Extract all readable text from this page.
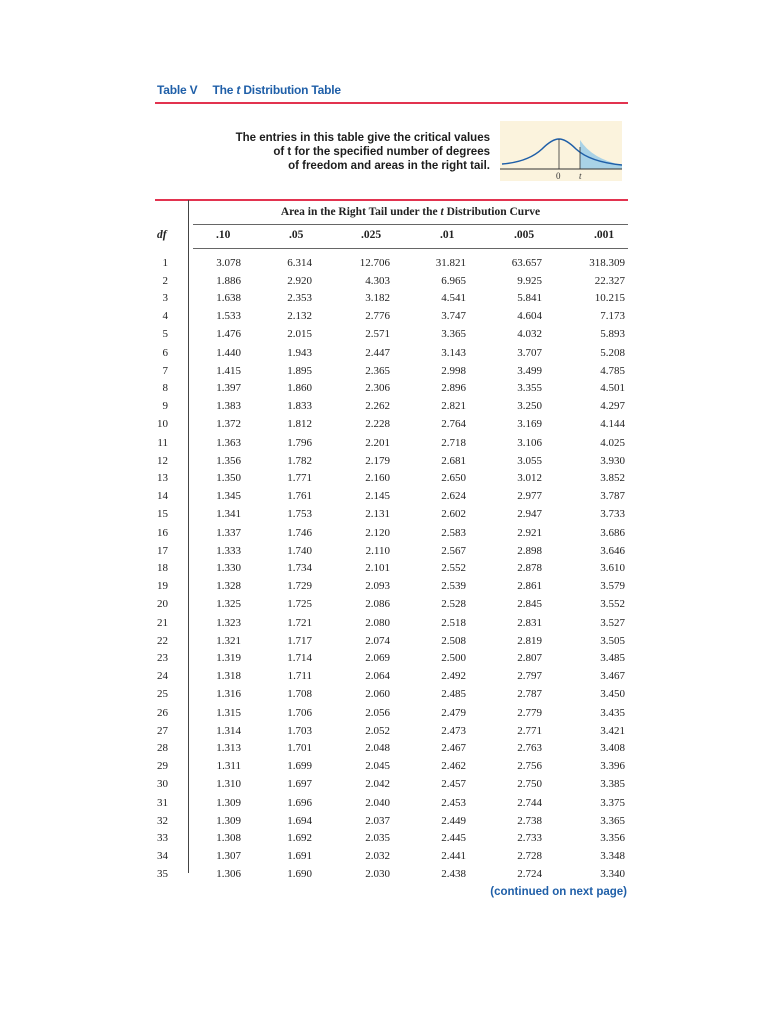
Table V The t Distribution Table

The entries in this table give the critical values

of t for the specified number of degrees

of freedom and areas in the right tail.

0 t
Area in the Right Tail under the t Distribution Curve
df	.10	.05	.025	.01	.005	.001
1	3.078	6.314	12.706	31.821	63.657	318.309
2	1.886	2.920	4.303	6.965	9.925	22.327
3	1.638	2.353	3.182	4.541	5.841	10.215
4	1.533	2.132	2.776	3.747	4.604	7.173
5	1.476	2.015	2.571	3.365	4.032	5.893
6	1.440	1.943	2.447	3.143	3.707	5.208
7	1.415	1.895	2.365	2.998	3.499	4.785
8	1.397	1.860	2.306	2.896	3.355	4.501
9	1.383	1.833	2.262	2.821	3.250	4.297
10	1.372	1.812	2.228	2.764	3.169	4.144
11	1.363	1.796	2.201	2.718	3.106	4.025
12	1.356	1.782	2.179	2.681	3.055	3.930
13	1.350	1.771	2.160	2.650	3.012	3.852
14	1.345	1.761	2.145	2.624	2.977	3.787
15	1.341	1.753	2.131	2.602	2.947	3.733
16	1.337	1.746	2.120	2.583	2.921	3.686
17	1.333	1.740	2.110	2.567	2.898	3.646
18	1.330	1.734	2.101	2.552	2.878	3.610
19	1.328	1.729	2.093	2.539	2.861	3.579
20	1.325	1.725	2.086	2.528	2.845	3.552
21	1.323	1.721	2.080	2.518	2.831	3.527
22	1.321	1.717	2.074	2.508	2.819	3.505
23	1.319	1.714	2.069	2.500	2.807	3.485
24	1.318	1.711	2.064	2.492	2.797	3.467
25	1.316	1.708	2.060	2.485	2.787	3.450
26	1.315	1.706	2.056	2.479	2.779	3.435
27	1.314	1.703	2.052	2.473	2.771	3.421
28	1.313	1.701	2.048	2.467	2.763	3.408
29	1.311	1.699	2.045	2.462	2.756	3.396
30	1.310	1.697	2.042	2.457	2.750	3.385
31	1.309	1.696	2.040	2.453	2.744	3.375
32	1.309	1.694	2.037	2.449	2.738	3.365
33	1.308	1.692	2.035	2.445	2.733	3.356
34	1.307	1.691	2.032	2.441	2.728	3.348
35	1.306	1.690	2.030	2.438	2.724	3.340
(continued on next page)
